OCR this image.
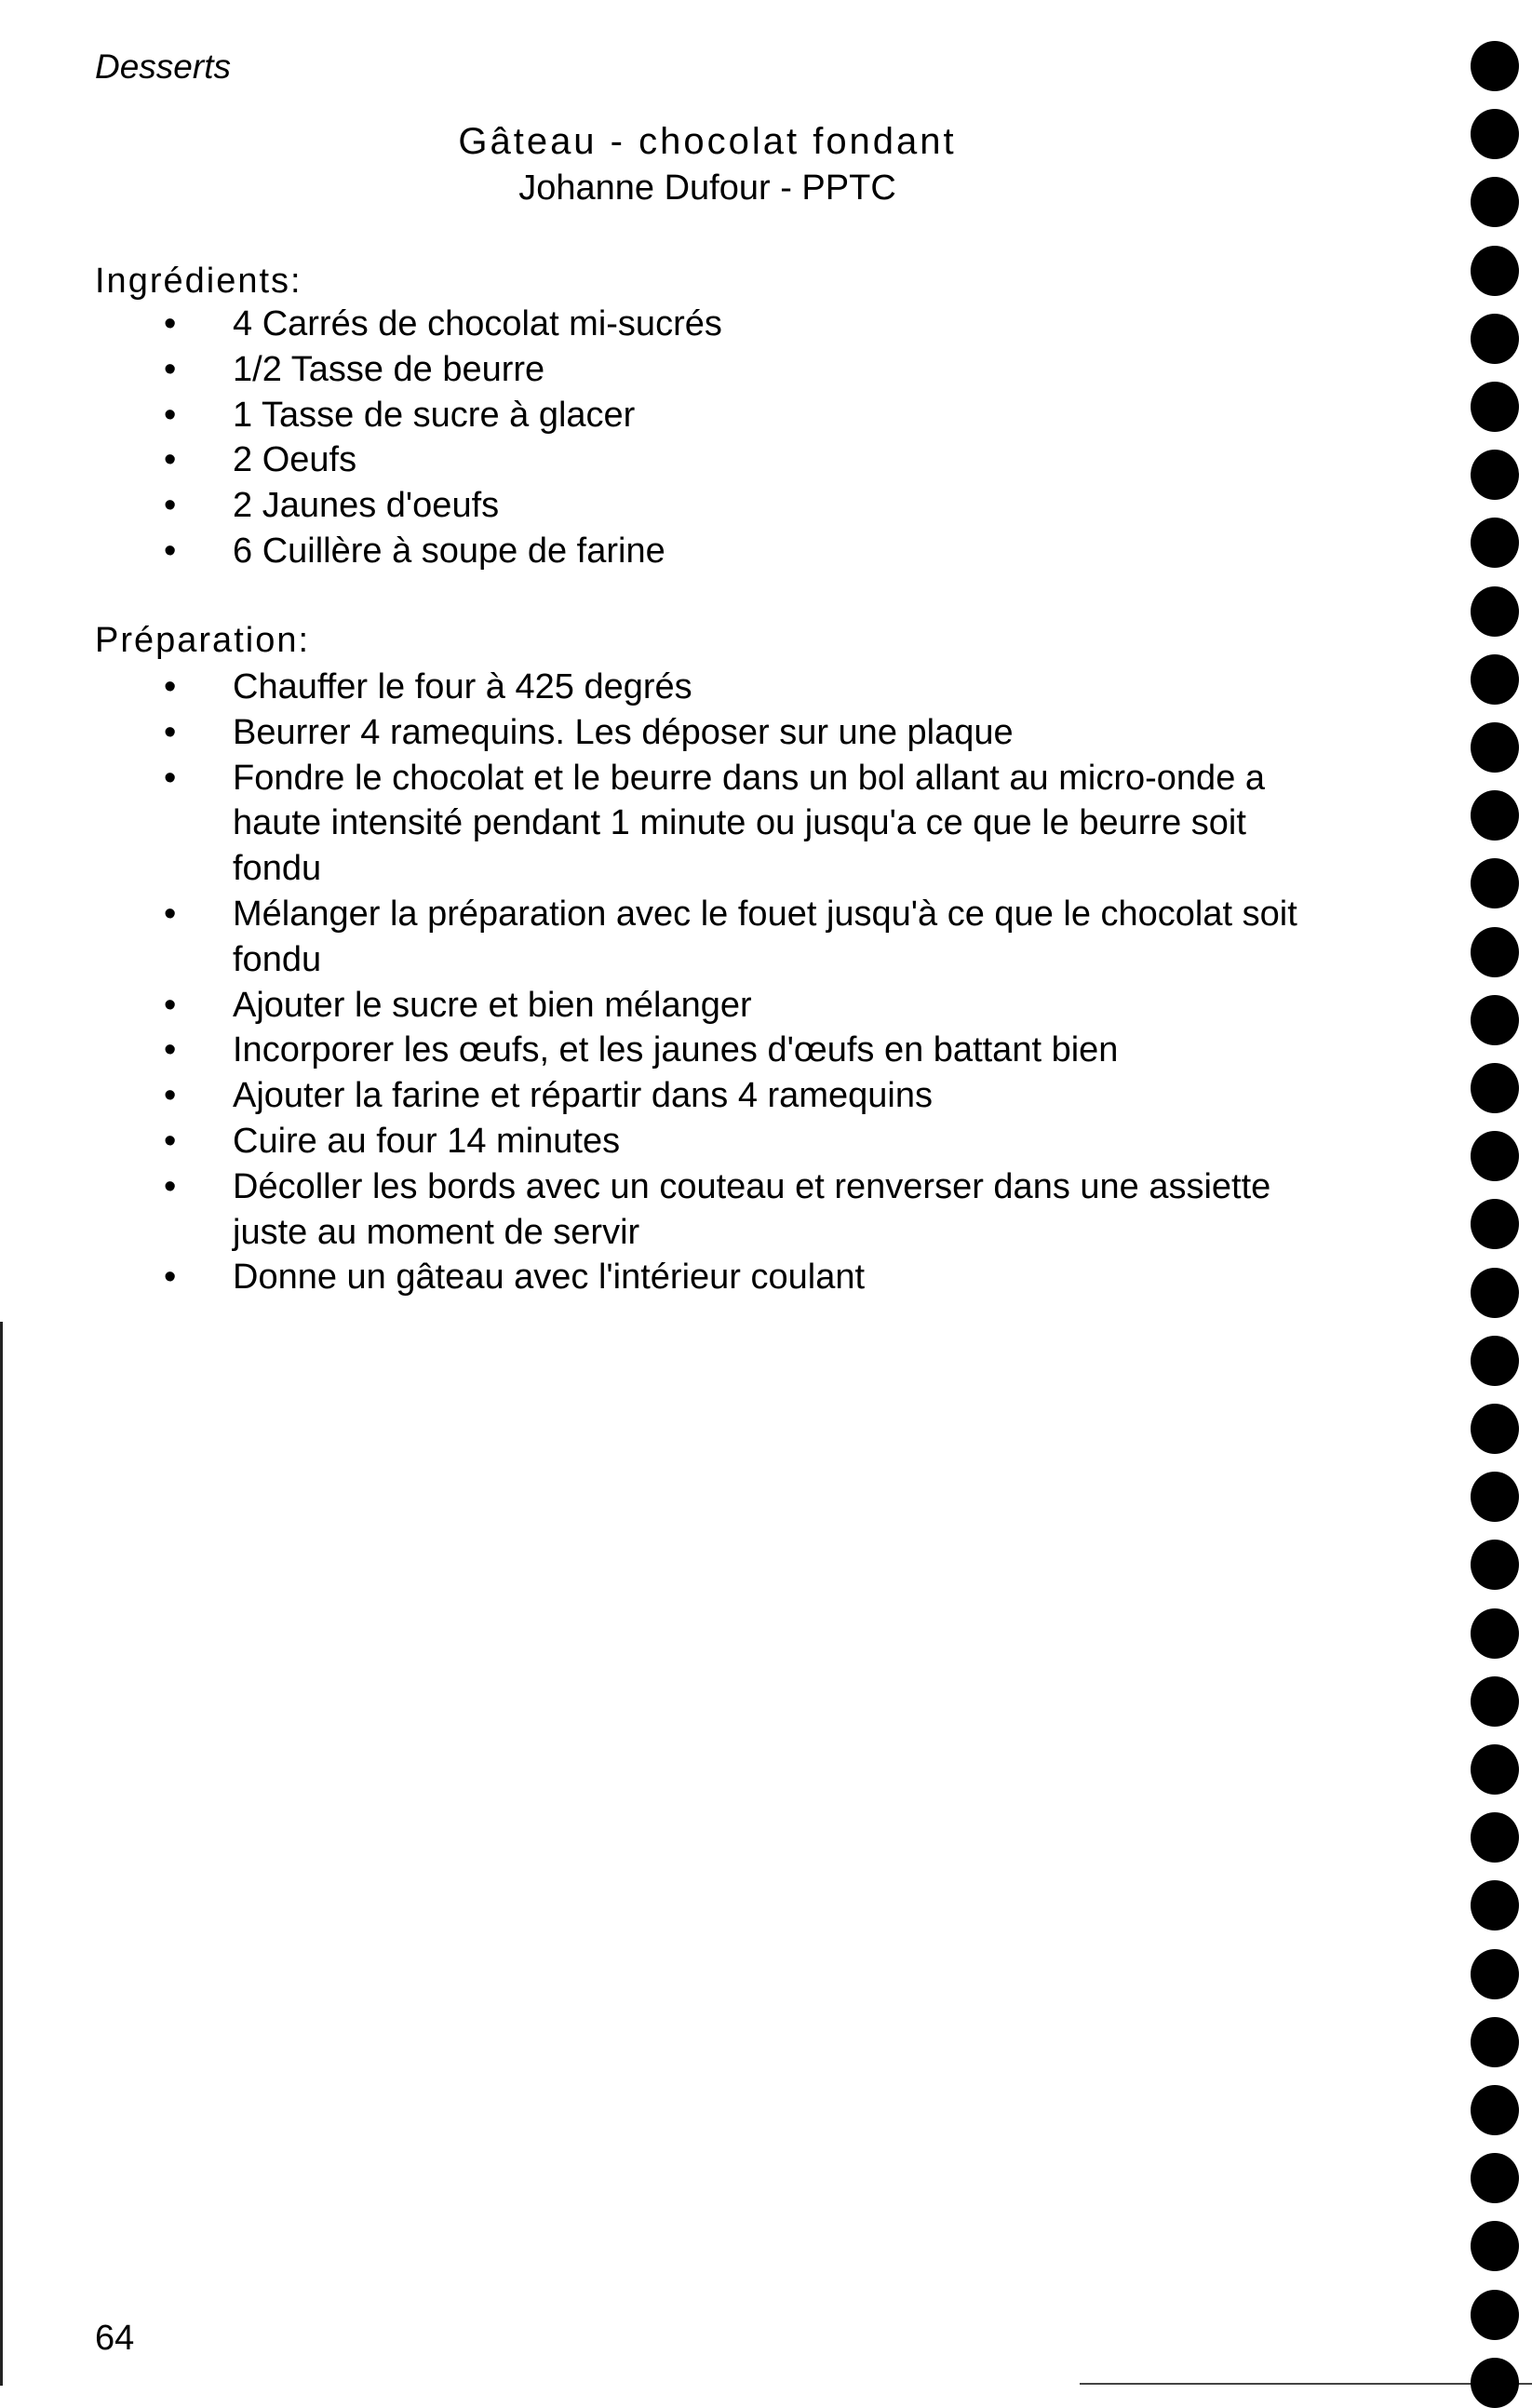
Desserts
Gâteau - chocolat fondant
Johanne Dufour - PPTC
Ingrédients:
• 4 Carrés de chocolat mi-sucrés
• 1/2 Tasse de beurre
• 1 Tasse de sucre à glacer
• 2 Oeufs
• 2 Jaunes d'oeufs
• 6 Cuillère à soupe de farine
Préparation:
• Chauffer le four à 425 degrés
• Beurrer 4 ramequins. Les déposer sur une plaque
• Fondre le chocolat et le beurre dans un bol allant au micro-onde a haute intensité pendant 1 minute ou jusqu'a ce que le beurre soit fondu
• Mélanger la préparation avec le fouet jusqu'à ce que le chocolat soit fondu
• Ajouter le sucre et bien mélanger
• Incorporer les œufs, et les jaunes d'œufs en battant bien
• Ajouter la farine et répartir dans 4 ramequins
• Cuire au four 14 minutes
• Décoller les bords avec un couteau et renverser dans une assiette juste au moment de servir
• Donne un gâteau avec l'intérieur coulant
64
